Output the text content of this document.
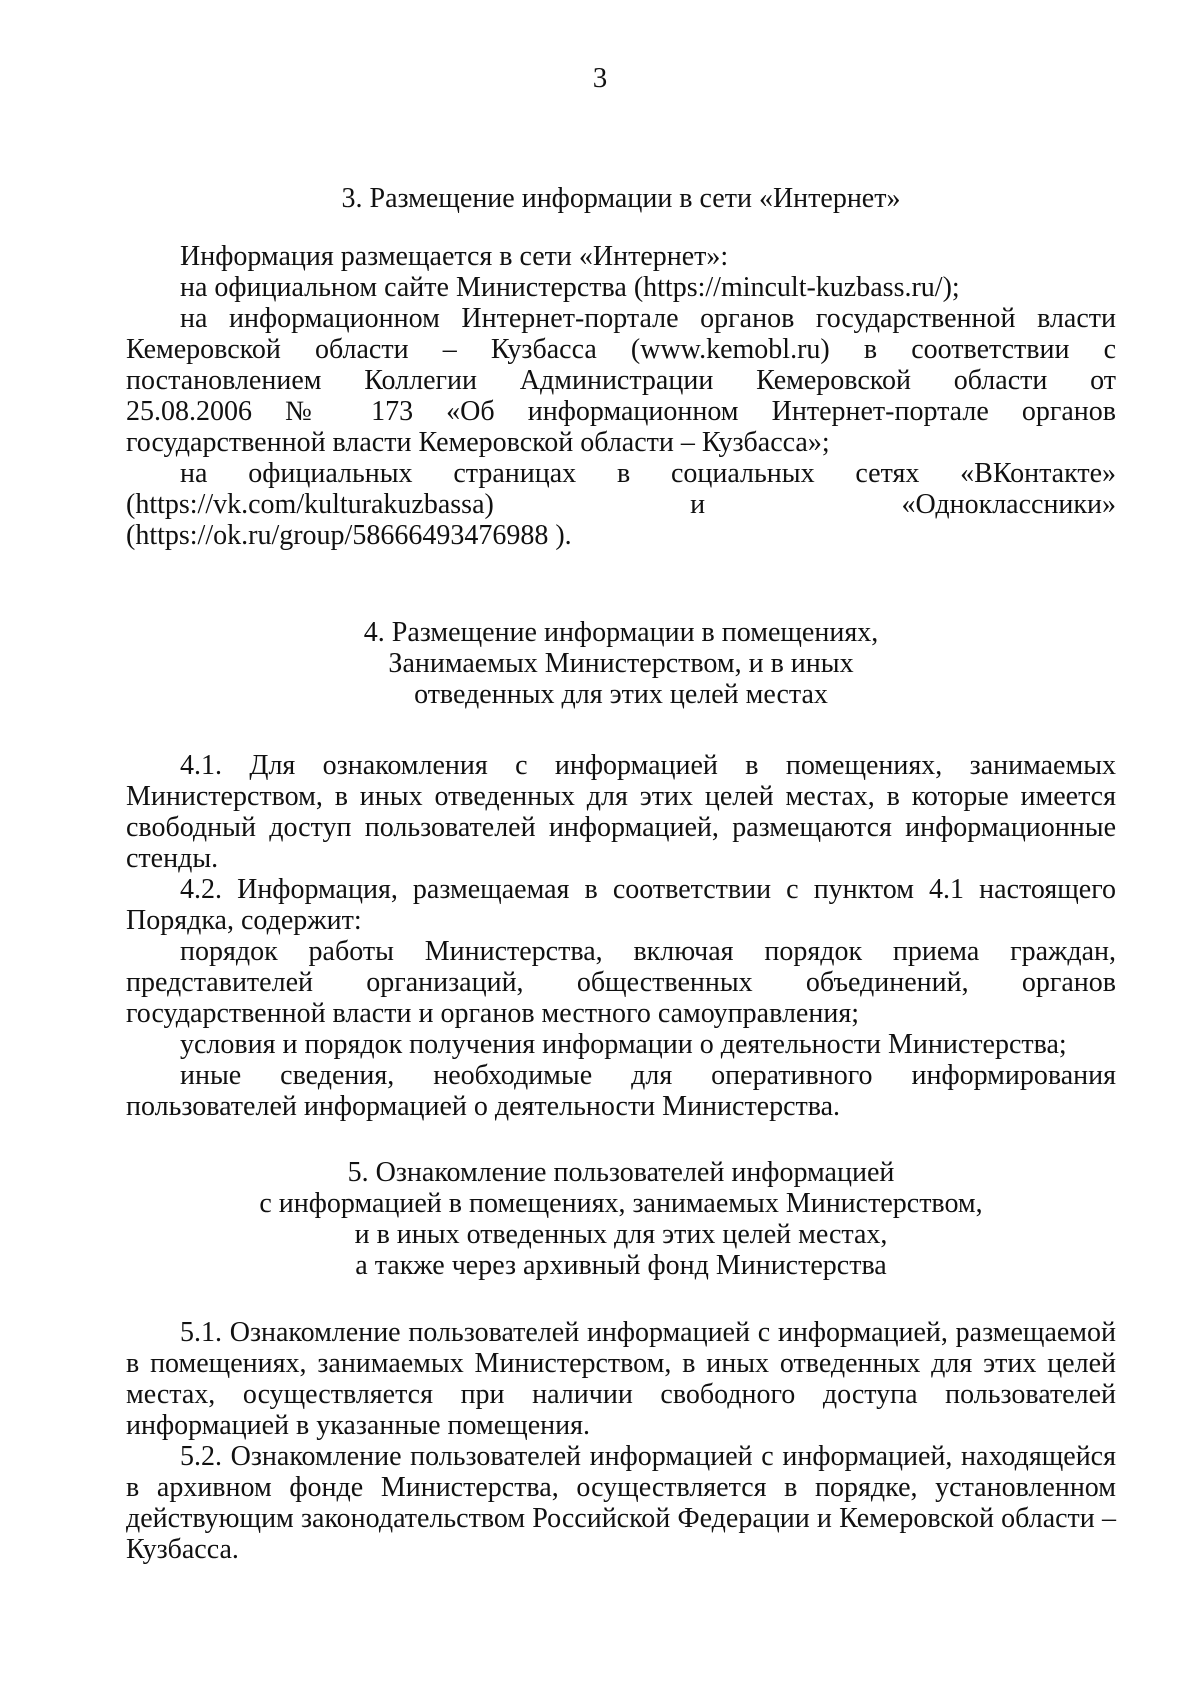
3
3. Размещение информации в сети «Интернет»

Информация размещается в сети «Интернет»:

на официальном сайте Министерства (https://mincult-kuzbass.ru/);

на информационном Интернет-портале органов государственной власти
Кемеровской области – Кузбасса (www.kemobl.ru) в соответствии с
постановлением Коллегии Администрации Кемеровской области от
25.08.2006 № 173 «Об информационном Интернет-портале органов
государственной власти Кемеровской области – Кузбасса»;

на официальных страницах в социальных сетях «ВКонтакте»
(https://vk.com/kulturakuzbassa) и «Одноклассники»
(https://ok.ru/group/58666493476988 ).

4. Размещение информации в помещениях,
Занимаемых Министерством, и в иных
отведенных для этих целей местах

4.1. Для ознакомления с информацией в помещениях, занимаемых Министерством, в иных отведенных для этих целей местах, в которые имеется свободный доступ пользователей информацией, размещаются информационные стенды.

4.2. Информация, размещаемая в соответствии с пунктом 4.1 настоящего Порядка, содержит:

порядок работы Министерства, включая порядок приема граждан, представителей организаций, общественных объединений, органов государственной власти и органов местного самоуправления;

условия и порядок получения информации о деятельности Министерства;

иные сведения, необходимые для оперативного информирования пользователей информацией о деятельности Министерства.

5. Ознакомление пользователей информацией
с информацией в помещениях, занимаемых Министерством,
и в иных отведенных для этих целей местах,
а также через архивный фонд Министерства

5.1. Ознакомление пользователей информацией с информацией, размещаемой в помещениях, занимаемых Министерством, в иных отведенных для этих целей местах, осуществляется при наличии свободного доступа пользователей информацией в указанные помещения.

5.2. Ознакомление пользователей информацией с информацией, находящейся в архивном фонде Министерства, осуществляется в порядке, установленном действующим законодательством Российской Федерации и Кемеровской области – Кузбасса.
